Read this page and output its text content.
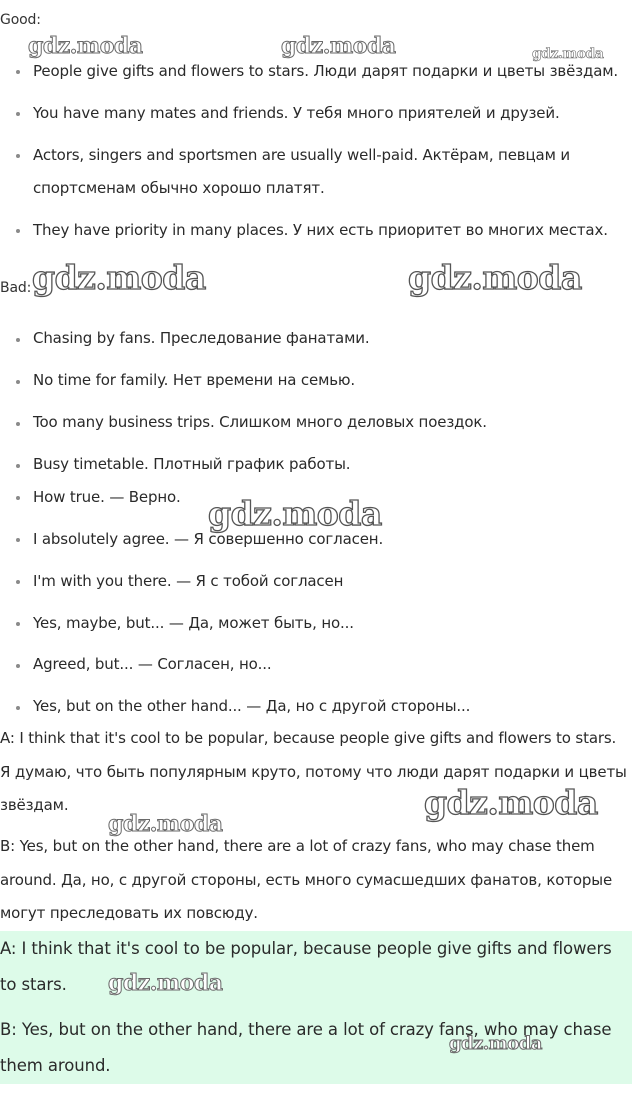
Good:
People give gifts and flowers to stars. Люди дарят подарки и цветы звёздам.
You have many mates and friends. У тебя много приятелей и друзей.
Actors, singers and sportsmen are usually well-paid. Актёрам, певцам и
спортсменам обычно хорошо платят.
They have priority in many places. У них есть приоритет во многих местах.
Bad:
Chasing by fans. Преследование фанатами.
No time for family. Нет времени на семью.
Too many business trips. Слишком много деловых поездок.
Busy timetable. Плотный график работы.
How true. — Верно.
I absolutely agree. — Я совершенно согласен.
I'm with you there. — Я с тобой согласен
Yes, maybe, but... — Да, может быть, но...
Agreed, but... — Согласен, но...
Yes, but on the other hand... — Да, но с другой стороны...
A: I think that it's cool to be popular, because people give gifts and flowers to stars. Я думаю, что быть популярным круто, потому что люди дарят подарки и цветы звёздам.
B: Yes, but on the other hand, there are a lot of crazy fans, who may chase them around. Да, но, с другой стороны, есть много сумасшедших фанатов, которые могут преследовать их повсюду.
A: I think that it's cool to be popular, because people give gifts and flowers to stars.
B: Yes, but on the other hand, there are a lot of crazy fans, who may chase them around.
gdz.moda	gdz.moda	gdz.moda
gdz.moda	gdz.moda
gdz.moda
gdz.moda
gdz.moda
gdz.moda
gdz.moda
